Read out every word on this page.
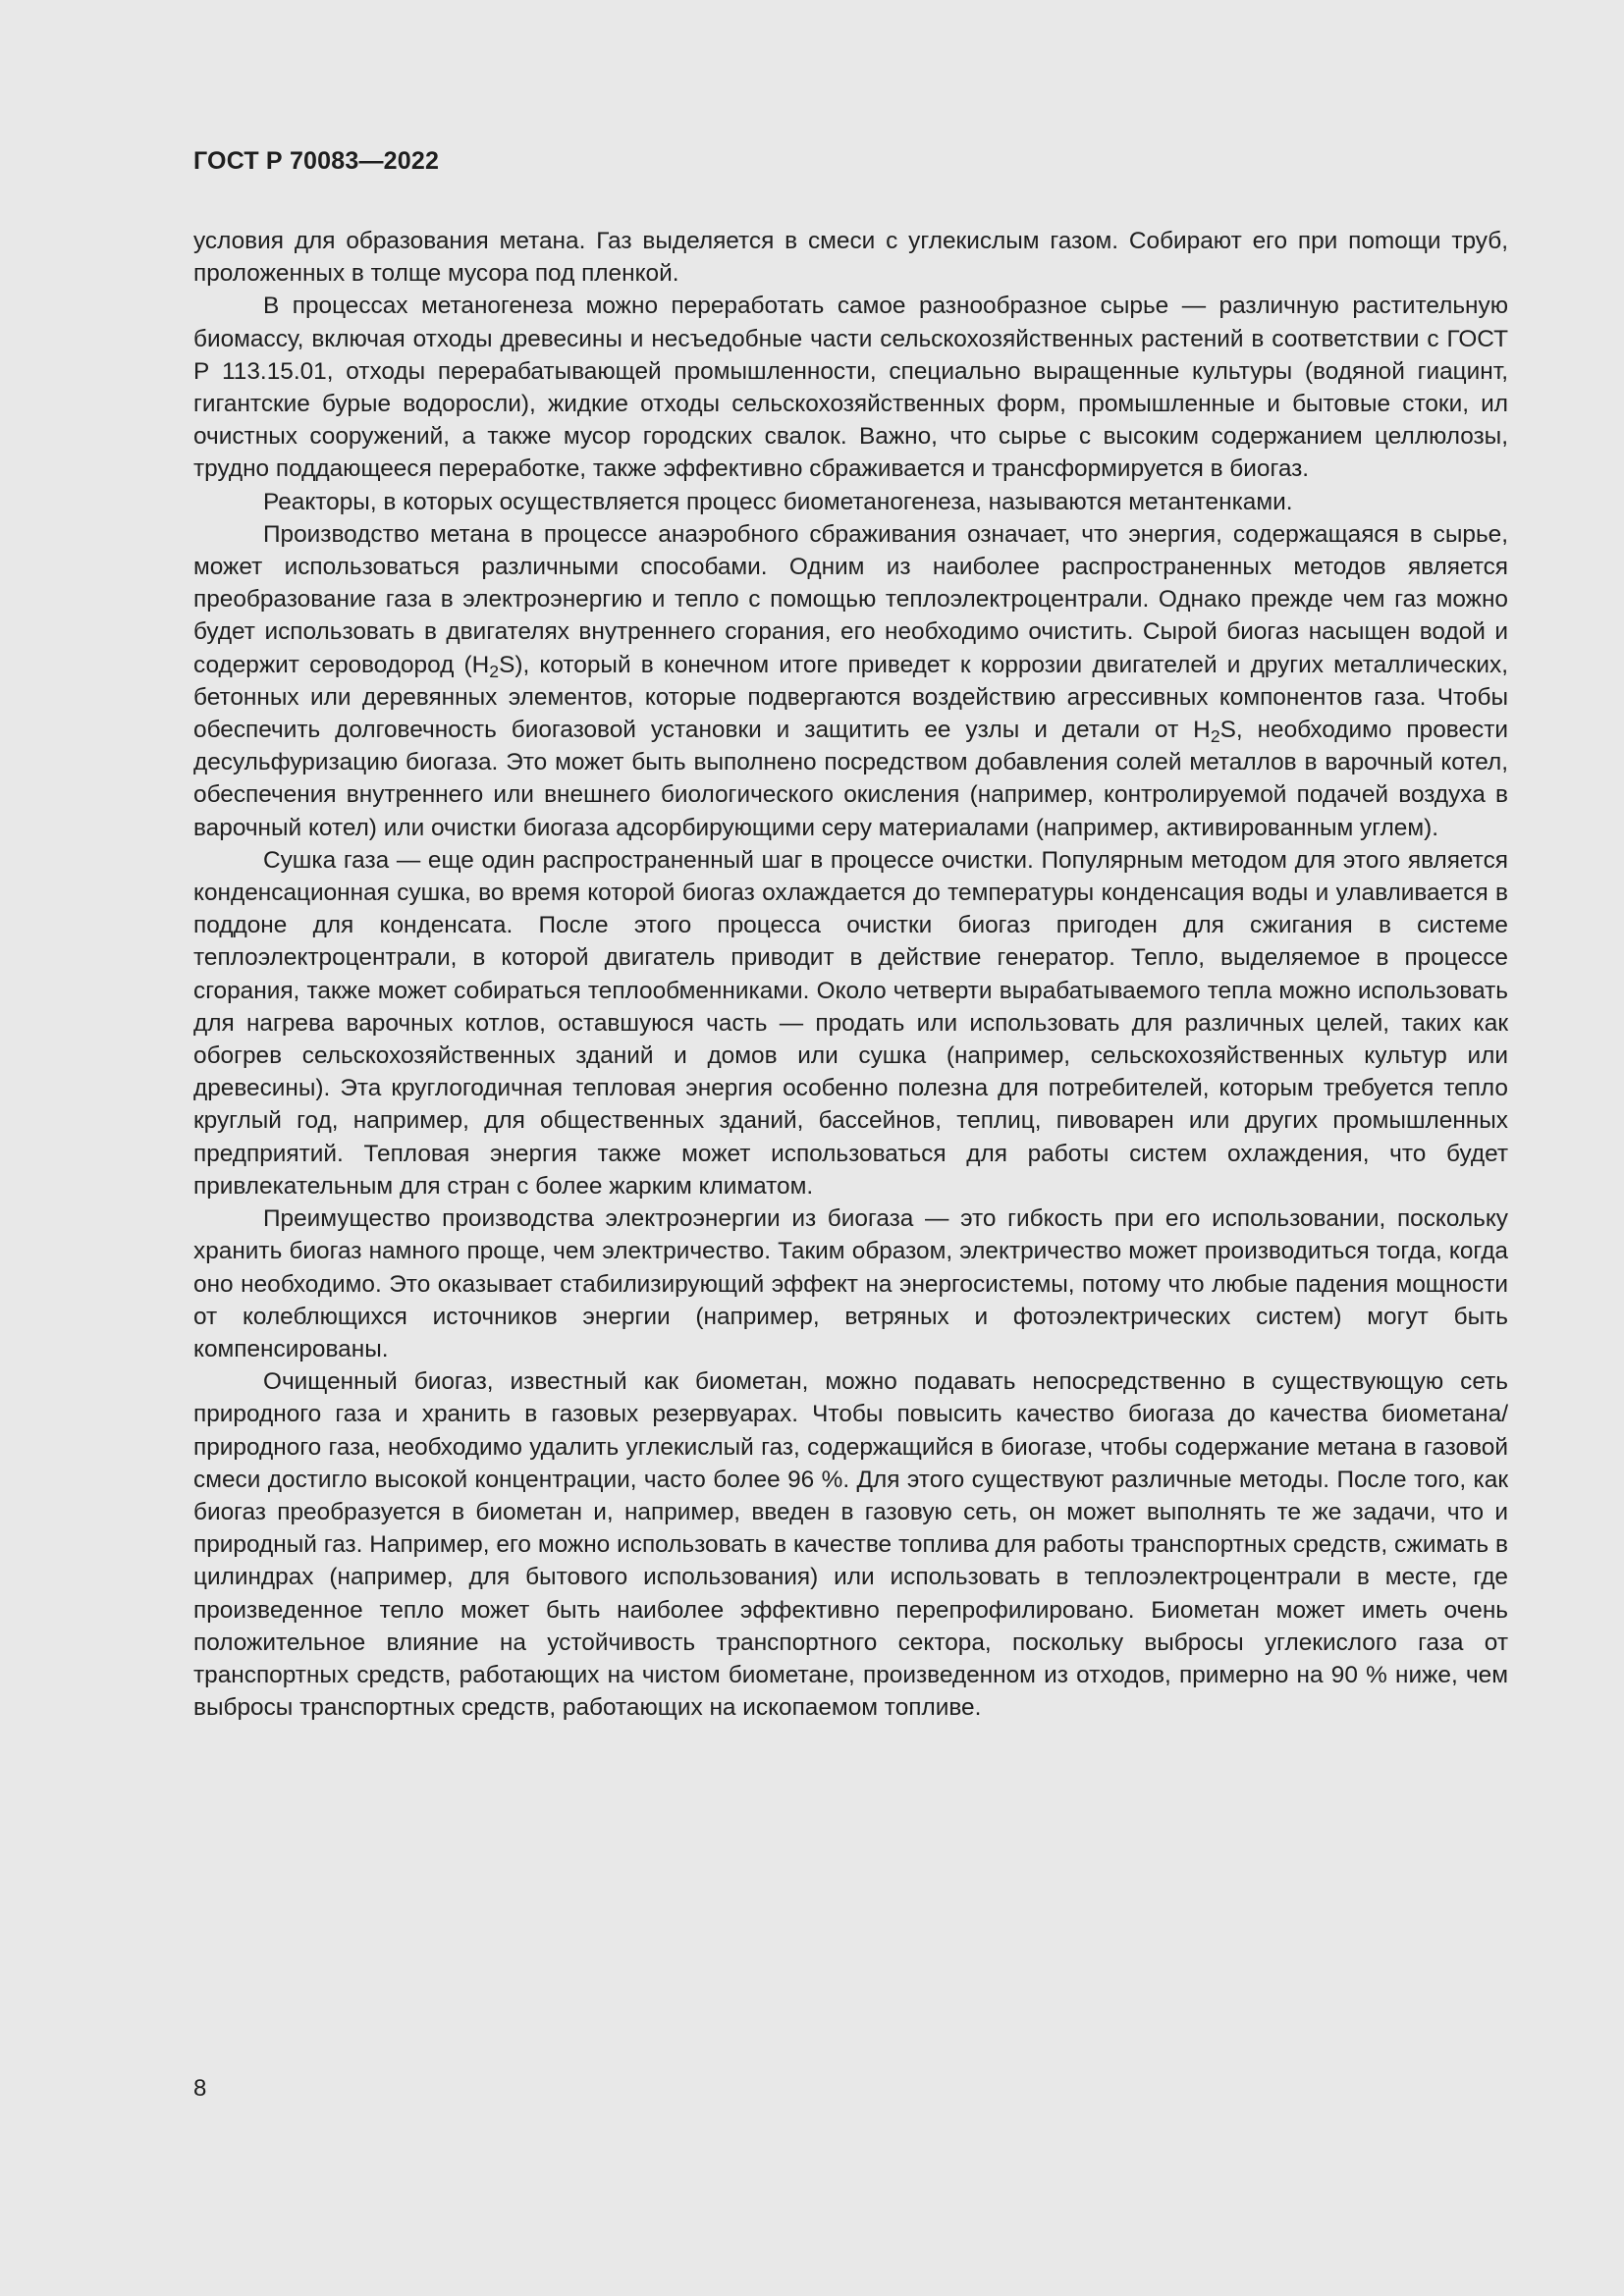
ГОСТ Р 70083—2022

условия для образования метана. Газ выделяется в смеси с углекислым газом. Собирают его при поmощи труб, проложенных в толще мусора под пленкой.

В процессах метаногенеза можно переработать самое разнообразное сырье — различную растительную биомассу, включая отходы древесины и несъедобные части сельскохозяйственных растений в соответствии с ГОСТ Р 113.15.01, отходы перерабатывающей промышленности, специально выращенные культуры (водяной гиацинт, гигантские бурые водоросли), жидкие отходы сельскохозяйственных форм, промышленные и бытовые стоки, ил очистных сооружений, а также мусор городских свалок. Важно, что сырье с высоким содержанием целлюлозы, трудно поддающееся переработке, также эффективно сбраживается и трансформируется в биогаз.

Реакторы, в которых осуществляется процесс биометаногенеза, называются метантенками.

Производство метана в процессе анаэробного сбраживания означает, что энергия, содержащаяся в сырье, может использоваться различными способами. Одним из наиболее распространенных методов является преобразование газа в электроэнергию и тепло с помощью теплоэлектроцентрали. Однако прежде чем газ можно будет использовать в двигателях внутреннего сгорания, его необходимо очистить. Сырой биогаз насыщен водой и содержит сероводород $(H_2S)$, который в конечном итоге приведет к коррозии двигателей и других металлических, бетонных или деревянных элементов, которые подвергаются воздействию агрессивных компонентов газа. Чтобы обеспечить долговечность биогазовой установки и защитить ее узлы и детали от $H_2S$, необходимо провести десульфуризацию биогаза. Это может быть выполнено посредством добавления солей металлов в варочный котел, обеспечения внутреннего или внешнего биологического окисления (например, контролируемой подачей воздуха в варочный котел) или очистки биогаза адсорбирующими серу материалами (например, активированным углем).

Сушка газа — еще один распространенный шаг в процессе очистки. Популярным методом для этого является конденсационная сушка, во время которой биогаз охлаждается до температуры конденсация воды и улавливается в поддоне для конденсата. После этого процесса очистки биогаз пригоден для сжигания в системе теплоэлектроцентрали, в которой двигатель приводит в действие генератор. Тепло, выделяемое в процессе сгорания, также может собираться теплообменниками. Около четверти вырабатываемого тепла можно использовать для нагрева варочных котлов, оставшуюся часть — продать или использовать для различных целей, таких как обогрев сельскохозяйственных зданий и домов или сушка (например, сельскохозяйственных культур или древесины). Эта круглогодичная тепловая энергия особенно полезна для потребителей, которым требуется тепло круглый год, например, для общественных зданий, бассейнов, теплиц, пивоварен или других промышленных предприятий. Тепловая энергия также может использоваться для работы систем охлаждения, что будет привлекательным для стран с более жарким климатом.

Преимущество производства электроэнергии из биогаза — это гибкость при его использовании, поскольку хранить биогаз намного проще, чем электричество. Таким образом, электричество может производиться тогда, когда оно необходимо. Это оказывает стабилизирующий эффект на энергосистемы, потому что любые падения мощности от колеблющихся источников энергии (например, ветряных и фотоэлектрических систем) могут быть компенсированы.

Очищенный биогаз, известный как биометан, можно подавать непосредственно в существующую сеть природного газа и хранить в газовых резервуарах. Чтобы повысить качество биогаза до качества биометана/природного газа, необходимо удалить углекислый газ, содержащийся в биогазе, чтобы содержание метана в газовой смеси достигло высокой концентрации, часто более 96 %. Для этого существуют различные методы. После того, как биогаз преобразуется в биометан и, например, введен в газовую сеть, он может выполнять те же задачи, что и природный газ. Например, его можно использовать в качестве топлива для работы транспортных средств, сжимать в цилиндрах (например, для бытового использования) или использовать в теплоэлектроцентрали в месте, где произведенное тепло может быть наиболее эффективно перепрофилировано. Биометан может иметь очень положительное влияние на устойчивость транспортного сектора, поскольку выбросы углекислого газа от транспортных средств, работающих на чистом биометане, произведенном из отходов, примерно на 90 % ниже, чем выбросы транспортных средств, работающих на ископаемом топливе.

8
